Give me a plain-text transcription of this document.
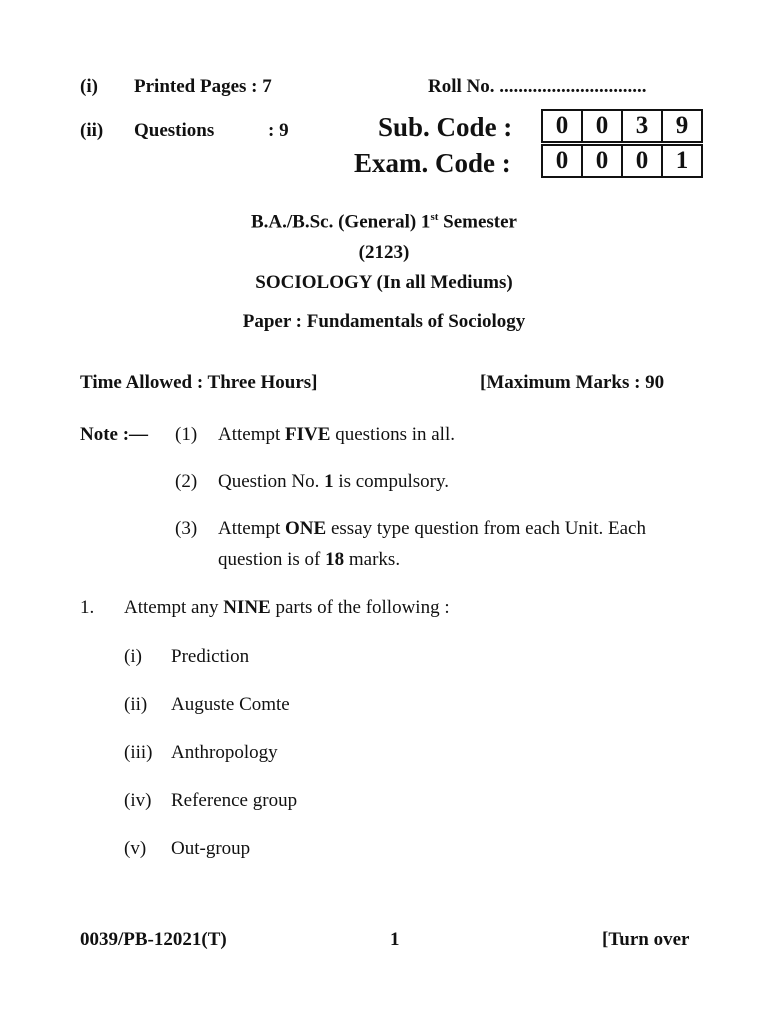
(i) Printed Pages : 7	Roll No. ...............................
(ii) Questions	: 9	Sub. Code :	0	0	3	9
Exam. Code :	0	0	0	1
B.A./B.Sc. (General) 1st Semester
(2123)
SOCIOLOGY (In all Mediums)
Paper : Fundamentals of Sociology
Time Allowed : Three Hours]	[Maximum Marks : 90
Note :— (1) Attempt FIVE questions in all.
(2) Question No. 1 is compulsory.
(3) Attempt ONE essay type question from each Unit. Each
question is of 18 marks.
1. Attempt any NINE parts of the following :
(i) Prediction
(ii) Auguste Comte
(iii) Anthropology
(iv) Reference group
(v) Out-group
0039/PB-12021(T)	1	[Turn over
